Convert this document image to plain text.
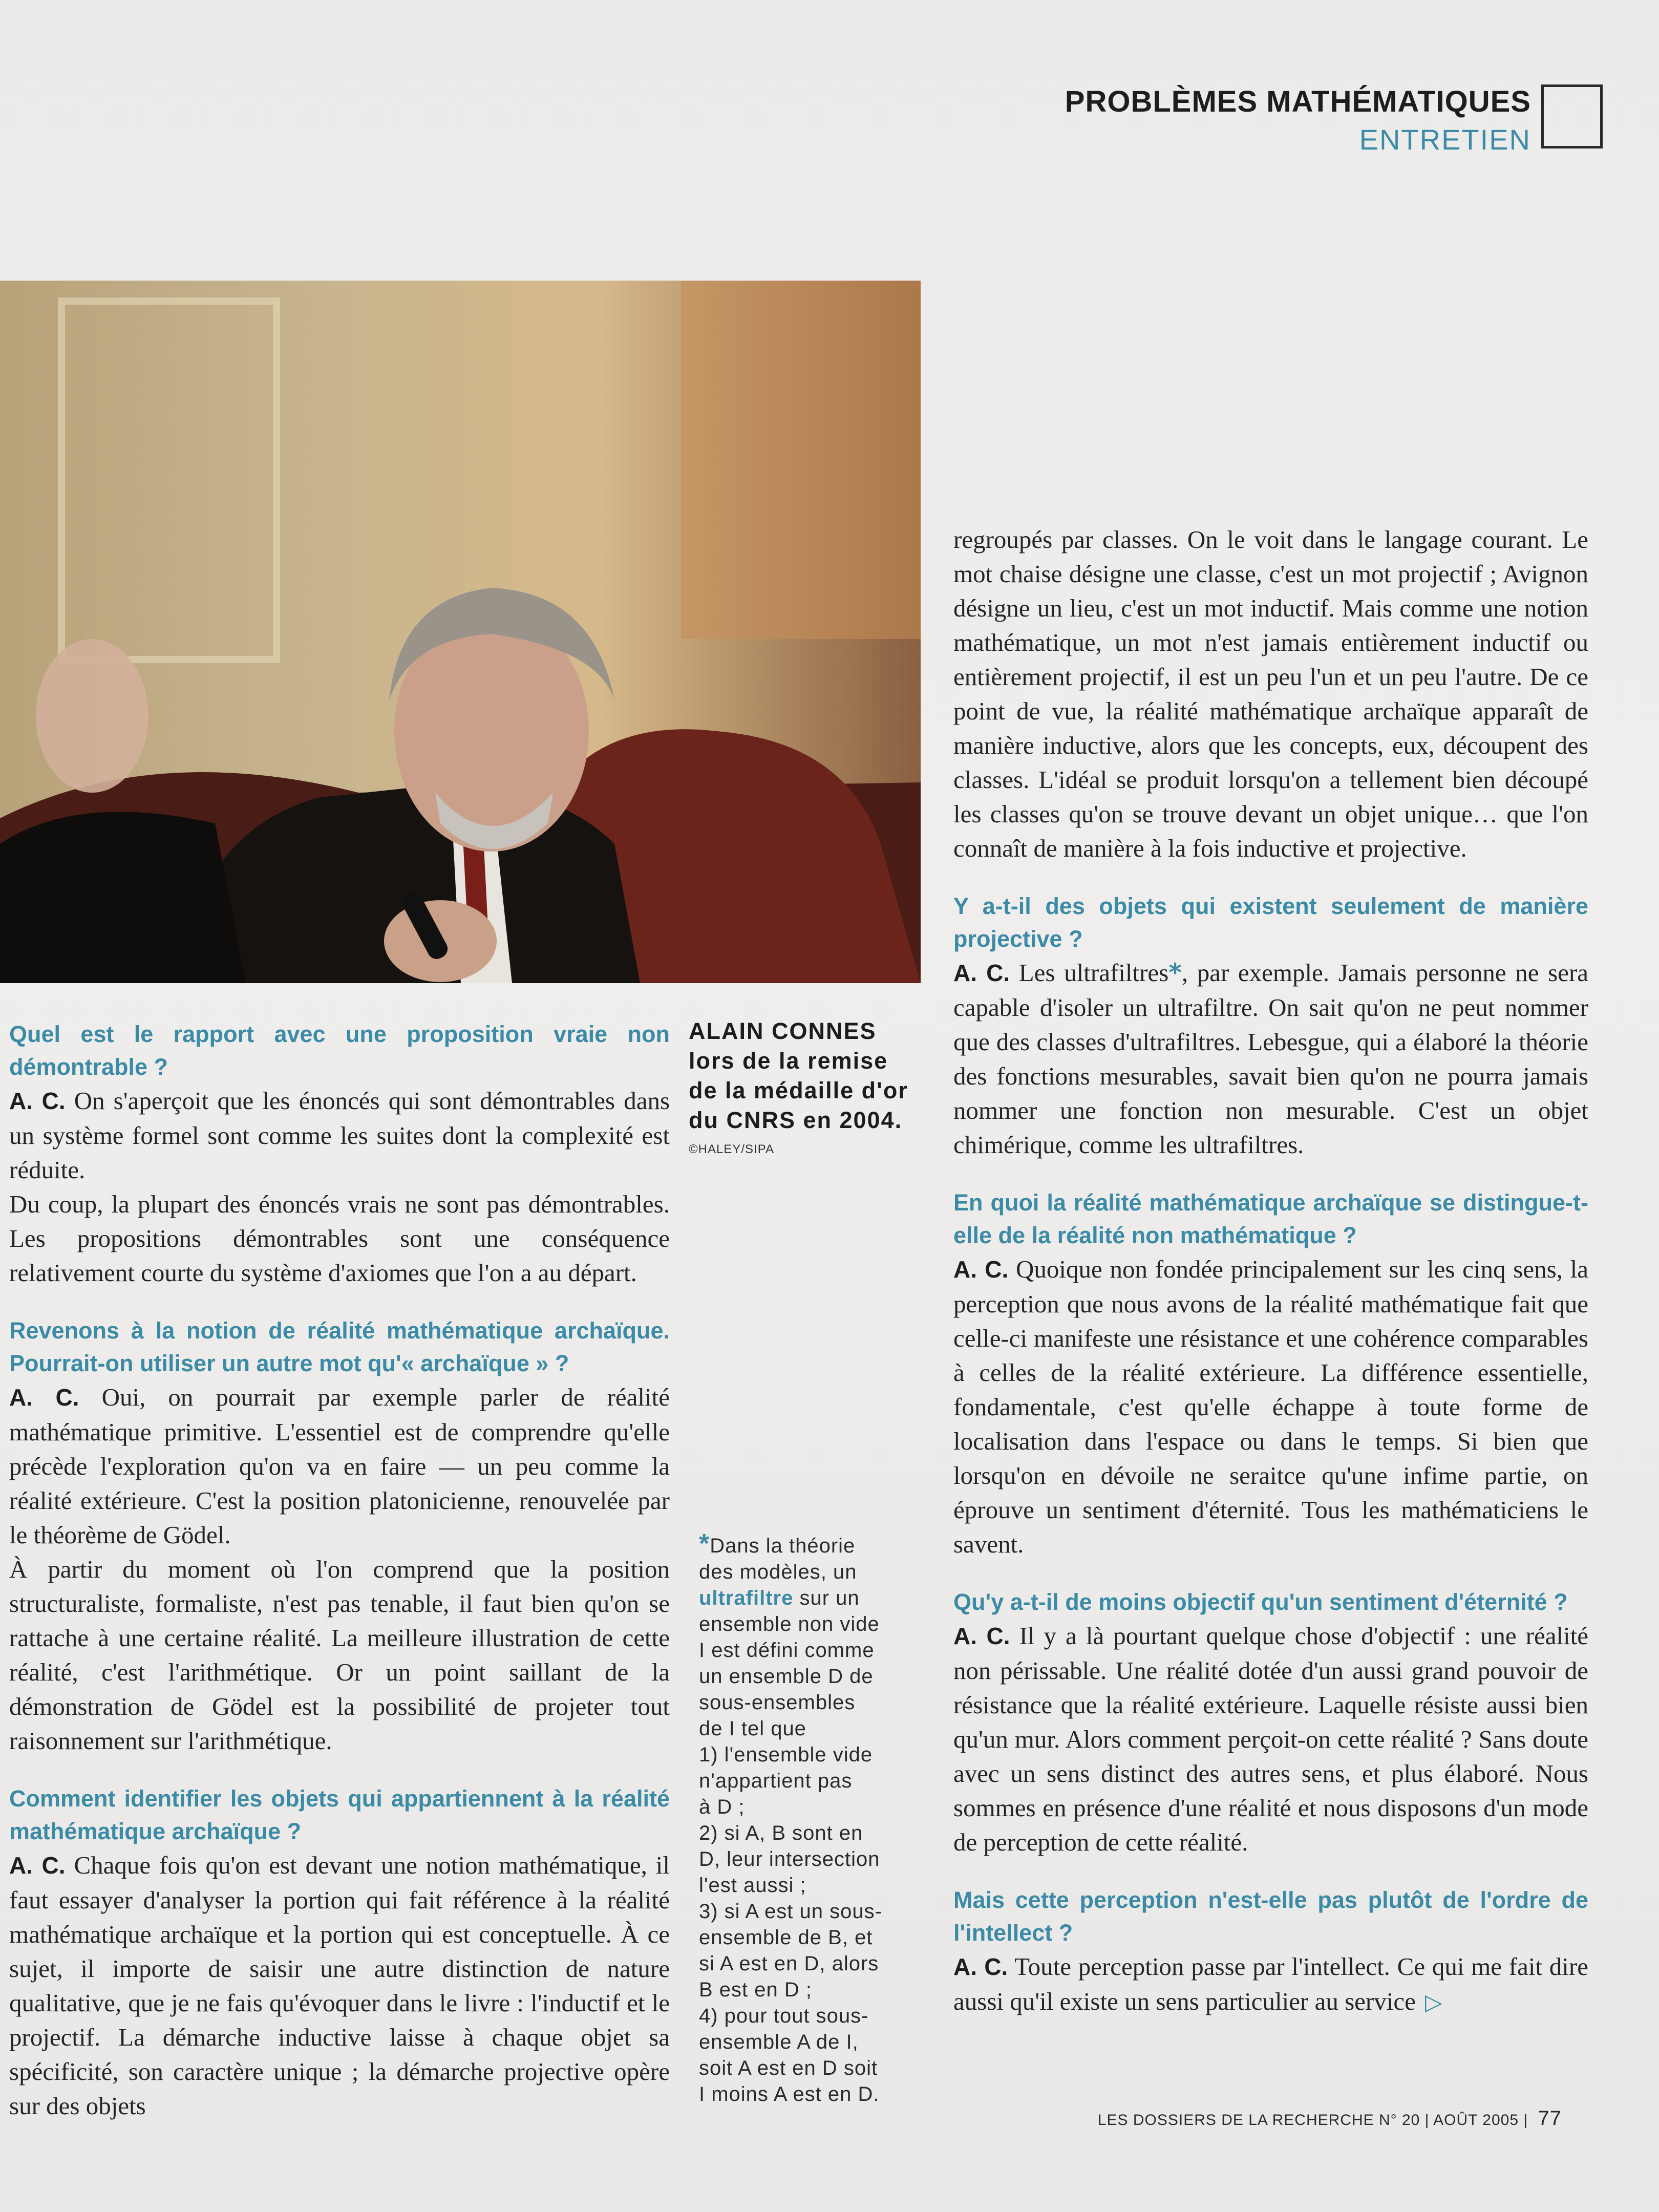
PROBLÈMES MATHÉMATIQUES
ENTRETIEN
ALAIN CONNES lors de la remise de la médaille d'or du CNRS en 2004.
©HALEY/SIPA

Quel est le rapport avec une proposition vraie non démontrable ?

A. C. On s'aperçoit que les énoncés qui sont démontrables dans un système formel sont comme les suites dont la complexité est réduite.

Du coup, la plupart des énoncés vrais ne sont pas démontrables. Les propositions démontrables sont une conséquence relativement courte du système d'axiomes que l'on a au départ.

Revenons à la notion de réalité mathématique archaïque. Pourrait-on utiliser un autre mot qu'« archaïque » ?

A. C. Oui, on pourrait par exemple parler de réalité mathématique primitive. L'essentiel est de comprendre qu'elle précède l'exploration qu'on va en faire — un peu comme la réalité extérieure. C'est la position platonicienne, renouvelée par le théorème de Gödel.

À partir du moment où l'on comprend que la position structuraliste, formaliste, n'est pas tenable, il faut bien qu'on se rattache à une certaine réalité. La meilleure illustration de cette réalité, c'est l'arithmétique. Or un point saillant de la démonstration de Gödel est la possibilité de projeter tout raisonnement sur l'arithmétique.

Comment identifier les objets qui appartiennent à la réalité mathématique archaïque ?

A. C. Chaque fois qu'on est devant une notion mathématique, il faut essayer d'analyser la portion qui fait référence à la réalité mathématique archaïque et la portion qui est conceptuelle. À ce sujet, il importe de saisir une autre distinction de nature qualitative, que je ne fais qu'évoquer dans le livre : l'inductif et le projectif. La démarche inductive laisse à chaque objet sa spécificité, son caractère unique ; la démarche projective opère sur des objets

*Dans la théorie
des modèles, un
ultrafiltre sur un
ensemble non vide
I est défini comme
un ensemble D de
sous-ensembles
de I tel que
1) l'ensemble vide
n'appartient pas
à D ;
2) si A, B sont en
D, leur intersection
l'est aussi ;
3) si A est un sous-
ensemble de B, et
si A est en D, alors
B est en D ;
4) pour tout sous-
ensemble A de I,
soit A est en D soit
I moins A est en D.

regroupés par classes. On le voit dans le langage courant. Le mot chaise désigne une classe, c'est un mot projectif ; Avignon désigne un lieu, c'est un mot inductif. Mais comme une notion mathématique, un mot n'est jamais entièrement inductif ou entièrement projectif, il est un peu l'un et un peu l'autre. De ce point de vue, la réalité mathématique archaïque apparaît de manière inductive, alors que les concepts, eux, découpent des classes. L'idéal se produit lorsqu'on a tellement bien découpé les classes qu'on se trouve devant un objet unique… que l'on connaît de manière à la fois inductive et projective.

Y a-t-il des objets qui existent seulement de manière projective ?

A. C. Les ultrafiltres*, par exemple. Jamais personne ne sera capable d'isoler un ultrafiltre. On sait qu'on ne peut nommer que des classes d'ultrafiltres. Lebesgue, qui a élaboré la théorie des fonctions mesurables, savait bien qu'on ne pourra jamais nommer une fonction non mesurable. C'est un objet chimérique, comme les ultrafiltres.

En quoi la réalité mathématique archaïque se distingue-t-elle de la réalité non mathématique ?

A. C. Quoique non fondée principalement sur les cinq sens, la perception que nous avons de la réalité mathématique fait que celle-ci manifeste une résistance et une cohérence comparables à celles de la réalité extérieure. La différence essentielle, fondamentale, c'est qu'elle échappe à toute forme de localisation dans l'espace ou dans le temps. Si bien que lorsqu'on en dévoile ne seraitce qu'une infime partie, on éprouve un sentiment d'éternité. Tous les mathématiciens le savent.

Qu'y a-t-il de moins objectif qu'un sentiment d'éternité ?

A. C. Il y a là pourtant quelque chose d'objectif : une réalité non périssable. Une réalité dotée d'un aussi grand pouvoir de résistance que la réalité extérieure. Laquelle résiste aussi bien qu'un mur. Alors comment perçoit-on cette réalité ? Sans doute avec un sens distinct des autres sens, et plus élaboré. Nous sommes en présence d'une réalité et nous disposons d'un mode de perception de cette réalité.

Mais cette perception n'est-elle pas plutôt de l'ordre de l'intellect ?

A. C. Toute perception passe par l'intellect. Ce qui me fait dire aussi qu'il existe un sens particulier au service ▷

LES DOSSIERS DE LA RECHERCHE N° 20 | AOÛT 2005 | 77
